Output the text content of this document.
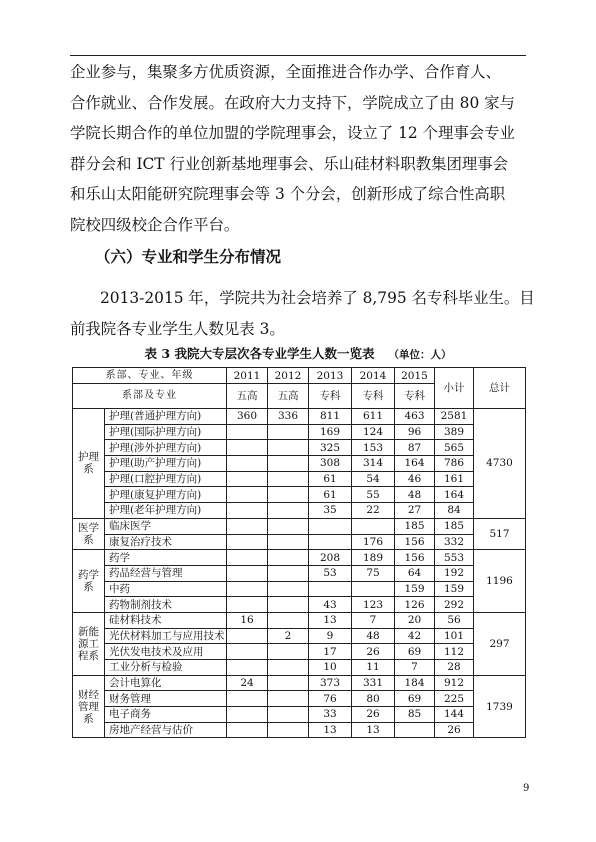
企业参与，集聚多方优质资源，全面推进合作办学、合作育人、
合作就业、合作发展。在政府大力支持下，学院成立了由 80 家与
学院长期合作的单位加盟的学院理事会，设立了 12 个理事会专业
群分会和 ICT 行业创新基地理事会、乐山硅材料职教集团理事会
和乐山太阳能研究院理事会等 3 个分会，创新形成了综合性高职
院校四级校企合作平台。
（六）专业和学生分布情况
2013-2015 年，学院共为社会培养了 8,795 名专科毕业生。目
前我院各专业学生人数见表 3。
表 3 我院大专层次各专业学生人数一览表 （单位：人）
系部、专业、年级		2011	2012	2013	2014	2015	小计	总计
系部及专业		五高	五高	专科	专科	专科		
护理系	护理(普通护理方向)	360	336	811	611	463	2581	4730
	护理(国际护理方向)			169	124	96	389	
	护理(涉外护理方向)			325	153	87	565	
	护理(助产护理方向)			308	314	164	786	
	护理(口腔护理方向)			61	54	46	161	
	护理(康复护理方向)			61	55	48	164	
	护理(老年护理方向)			35	22	27	84	
医学系	临床医学					185	185	517
	康复治疗技术				176	156	332	
药学系	药学			208	189	156	553	1196
	药品经营与管理			53	75	64	192	
	中药					159	159	
	药物制剂技术			43	123	126	292	
新能源工程系	硅材料技术	16		13	7	20	56	297
	光伏材料加工与应用技术		2	9	48	42	101	
	光伏发电技术及应用			17	26	69	112	
	工业分析与检验			10	11	7	28	
财经管理系	会计电算化	24		373	331	184	912	1739
	财务管理			76	80	69	225	
	电子商务			33	26	85	144	
	房地产经营与估价			13	13		26	
9
